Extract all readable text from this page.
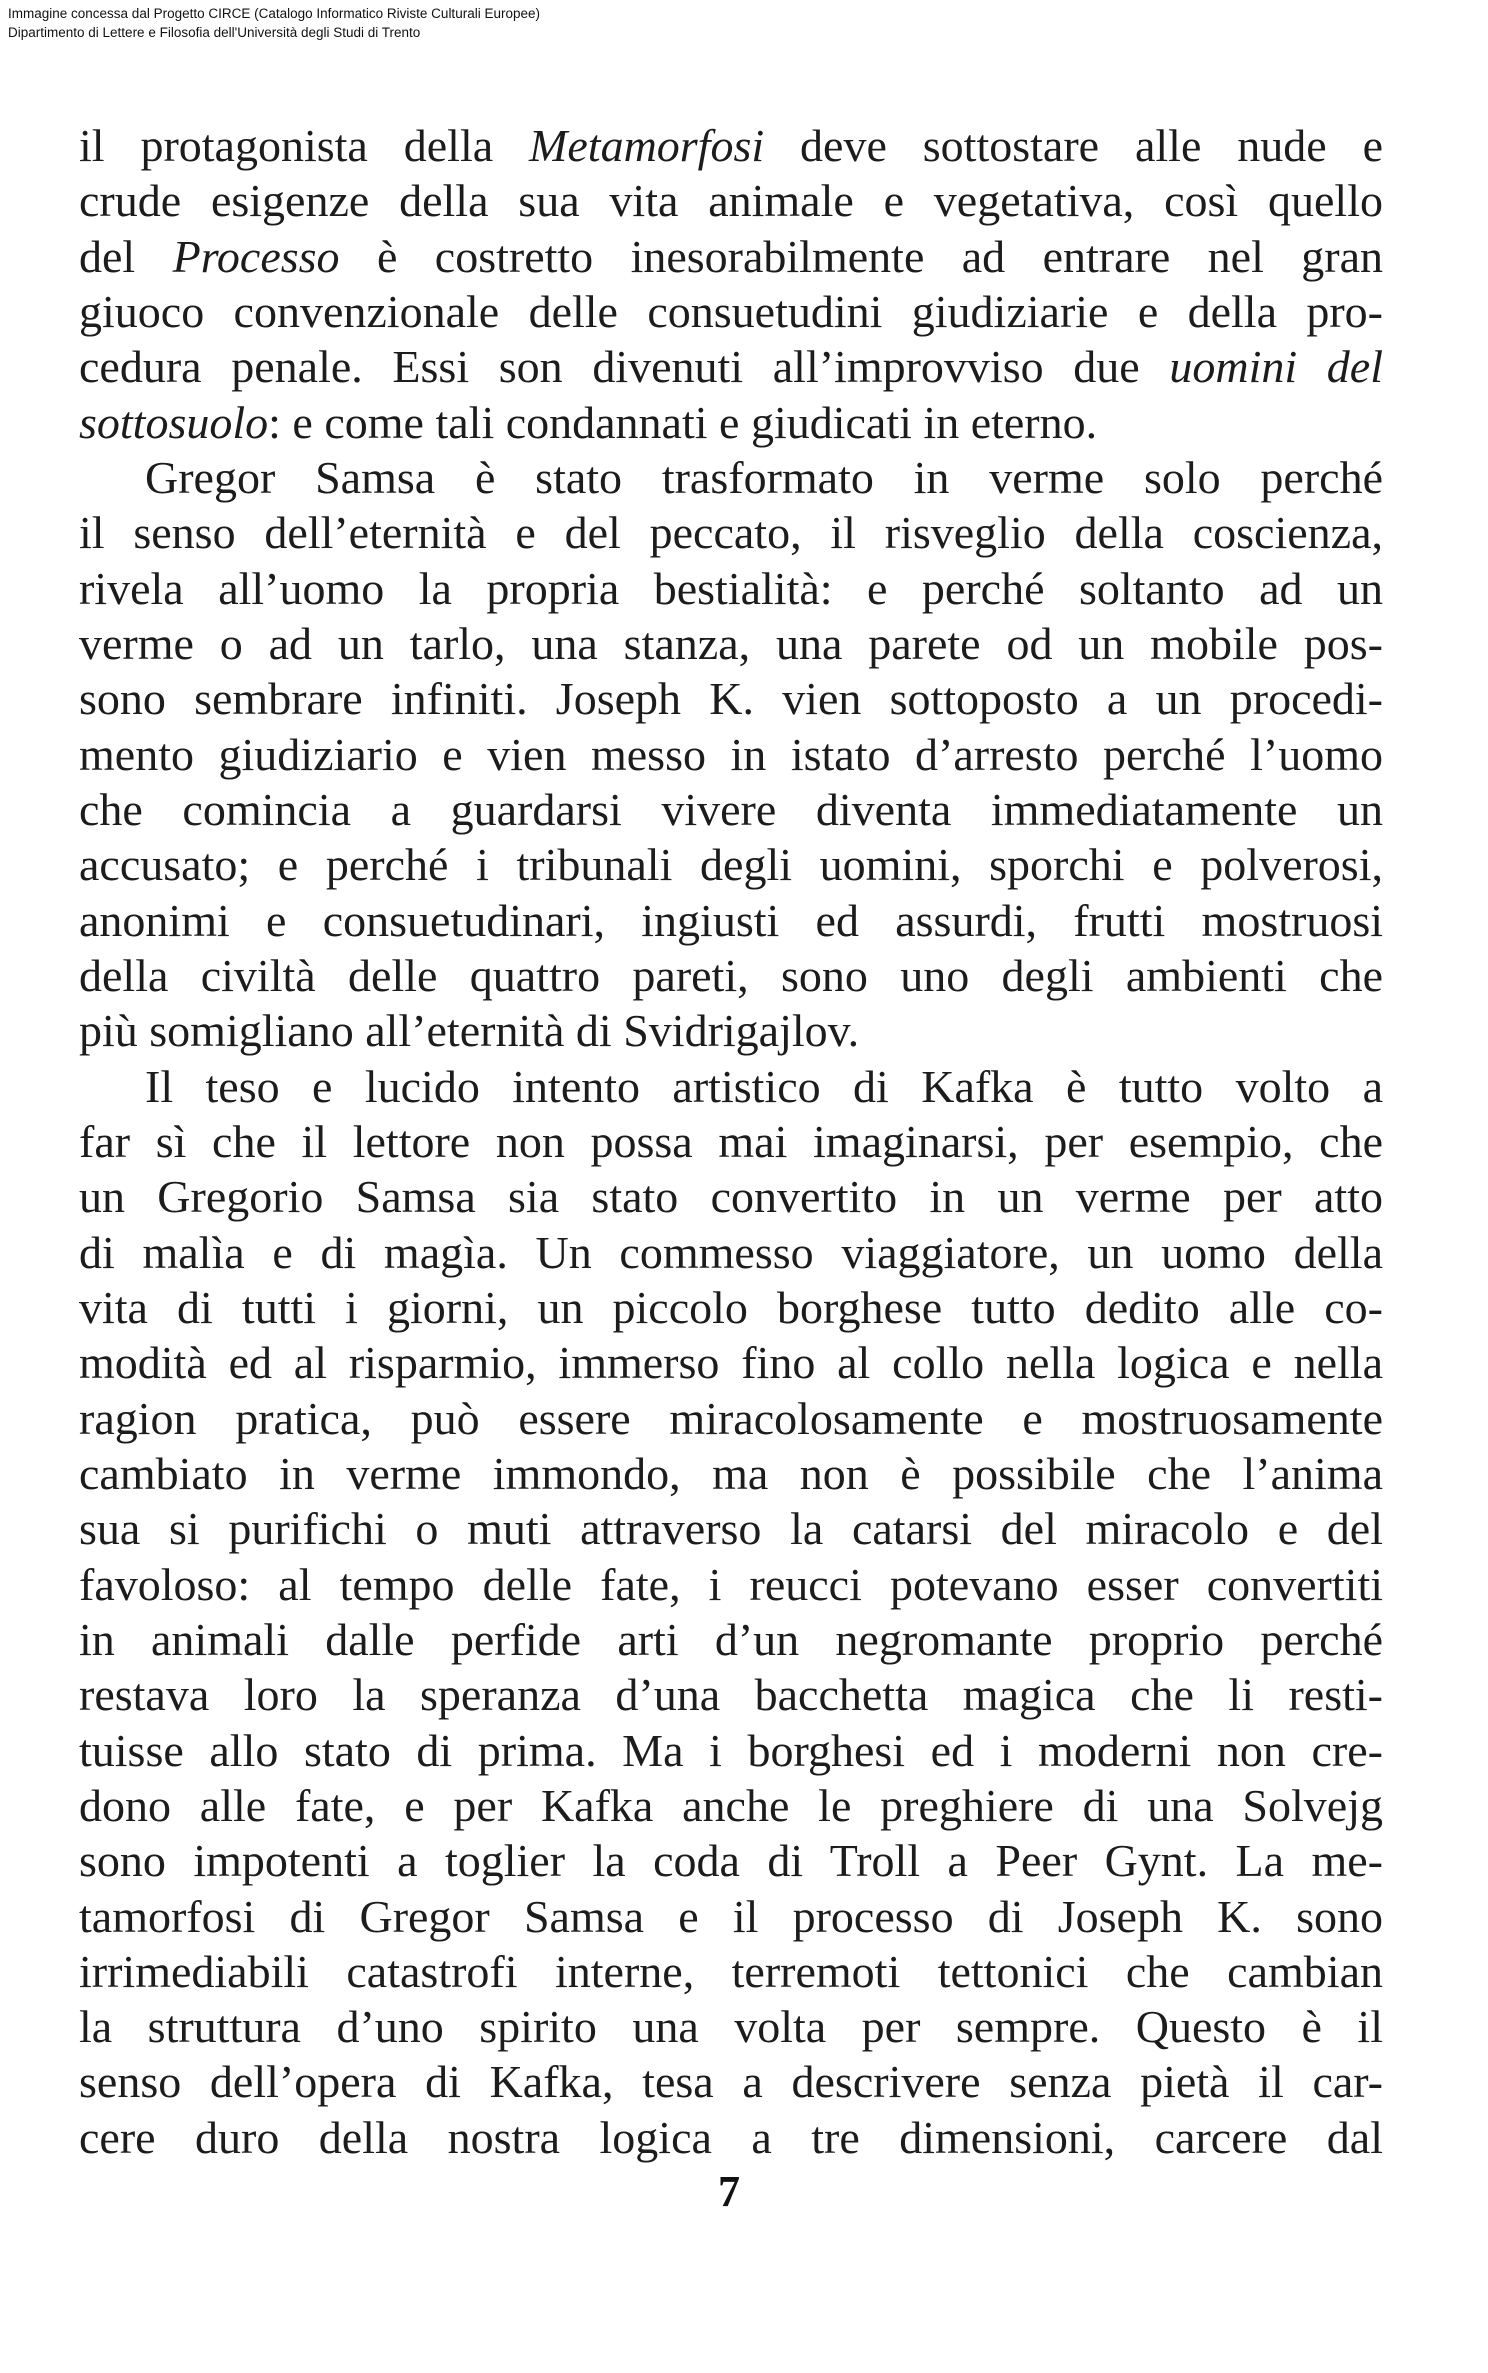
Immagine concessa dal Progetto CIRCE (Catalogo Informatico Riviste Culturali Europee)
Dipartimento di Lettere e Filosofia dell'Università degli Studi di Trento
il protagonista della Metamorfosi deve sottostare alle nude e
crude esigenze della sua vita animale e vegetativa, così quello
del Processo è costretto inesorabilmente ad entrare nel gran
giuoco convenzionale delle consuetudini giudiziarie e della pro-
cedura penale. Essi son divenuti all’improvviso due uomini del
sottosuolo: e come tali condannati e giudicati in eterno.
Gregor Samsa è stato trasformato in verme solo perché
il senso dell’eternità e del peccato, il risveglio della coscienza,
rivela all’uomo la propria bestialità: e perché soltanto ad un
verme o ad un tarlo, una stanza, una parete od un mobile pos-
sono sembrare infiniti. Joseph K. vien sottoposto a un procedi-
mento giudiziario e vien messo in istato d’arresto perché l’uomo
che comincia a guardarsi vivere diventa immediatamente un
accusato; e perché i tribunali degli uomini, sporchi e polverosi,
anonimi e consuetudinari, ingiusti ed assurdi, frutti mostruosi
della civiltà delle quattro pareti, sono uno degli ambienti che
più somigliano all’eternità di Svidrigajlov.
Il teso e lucido intento artistico di Kafka è tutto volto a
far sì che il lettore non possa mai imaginarsi, per esempio, che
un Gregorio Samsa sia stato convertito in un verme per atto
di malìa e di magìa. Un commesso viaggiatore, un uomo della
vita di tutti i giorni, un piccolo borghese tutto dedito alle co-
modità ed al risparmio, immerso fino al collo nella logica e nella
ragion pratica, può essere miracolosamente e mostruosamente
cambiato in verme immondo, ma non è possibile che l’anima
sua si purifichi o muti attraverso la catarsi del miracolo e del
favoloso: al tempo delle fate, i reucci potevano esser convertiti
in animali dalle perfide arti d’un negromante proprio perché
restava loro la speranza d’una bacchetta magica che li resti-
tuisse allo stato di prima. Ma i borghesi ed i moderni non cre-
dono alle fate, e per Kafka anche le preghiere di una Solvejg
sono impotenti a toglier la coda di Troll a Peer Gynt. La me-
tamorfosi di Gregor Samsa e il processo di Joseph K. sono
irrimediabili catastrofi interne, terremoti tettonici che cambian
la struttura d’uno spirito una volta per sempre. Questo è il
senso dell’opera di Kafka, tesa a descrivere senza pietà il car-
cere duro della nostra logica a tre dimensioni, carcere dal
7
